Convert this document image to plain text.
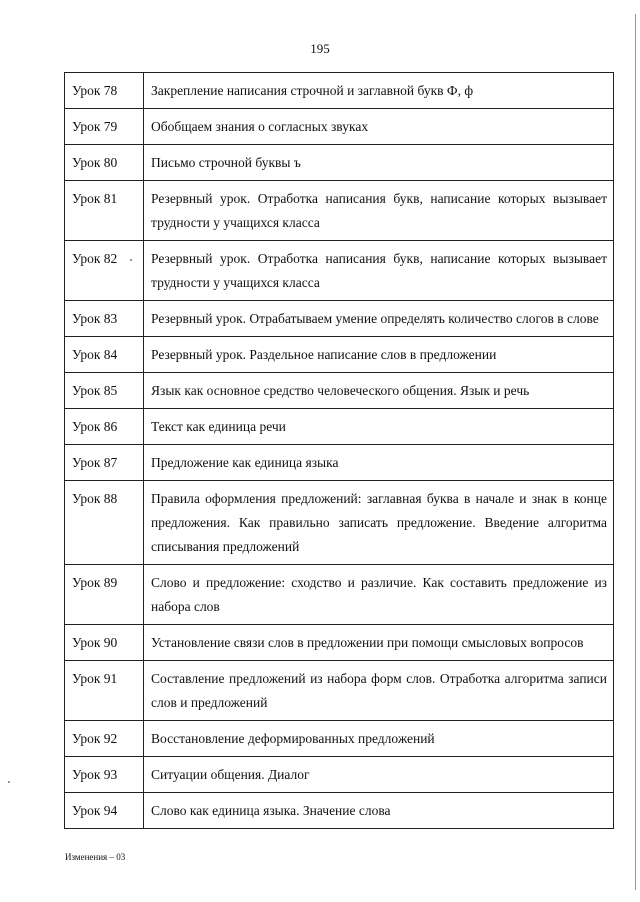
195
Урок 78	Закрепление написания строчной и заглавной букв Ф, ф
Урок 79	Обобщаем знания о согласных звуках
Урок 80	Письмо строчной буквы ъ
Урок 81	Резервный урок. Отработка написания букв, написание которых вызывает трудности у учащихся класса
Урок 82	Резервный урок. Отработка написания букв, написание которых вызывает трудности у учащихся класса
Урок 83	Резервный урок. Отрабатываем умение определять количество слогов в слове
Урок 84	Резервный урок. Раздельное написание слов в предложении
Урок 85	Язык как основное средство человеческого общения. Язык и речь
Урок 86	Текст как единица речи
Урок 87	Предложение как единица языка
Урок 88	Правила оформления предложений: заглавная буква в начале и знак в конце предложения. Как правильно записать предложение. Введение алгоритма списывания предложений
Урок 89	Слово и предложение: сходство и различие. Как составить предложение из набора слов
Урок 90	Установление связи слов в предложении при помощи смысловых вопросов
Урок 91	Составление предложений из набора форм слов. Отработка алгоритма записи слов и предложений
Урок 92	Восстановление деформированных предложений
Урок 93	Ситуации общения. Диалог
Урок 94	Слово как единица языка. Значение слова
Изменения – 03
